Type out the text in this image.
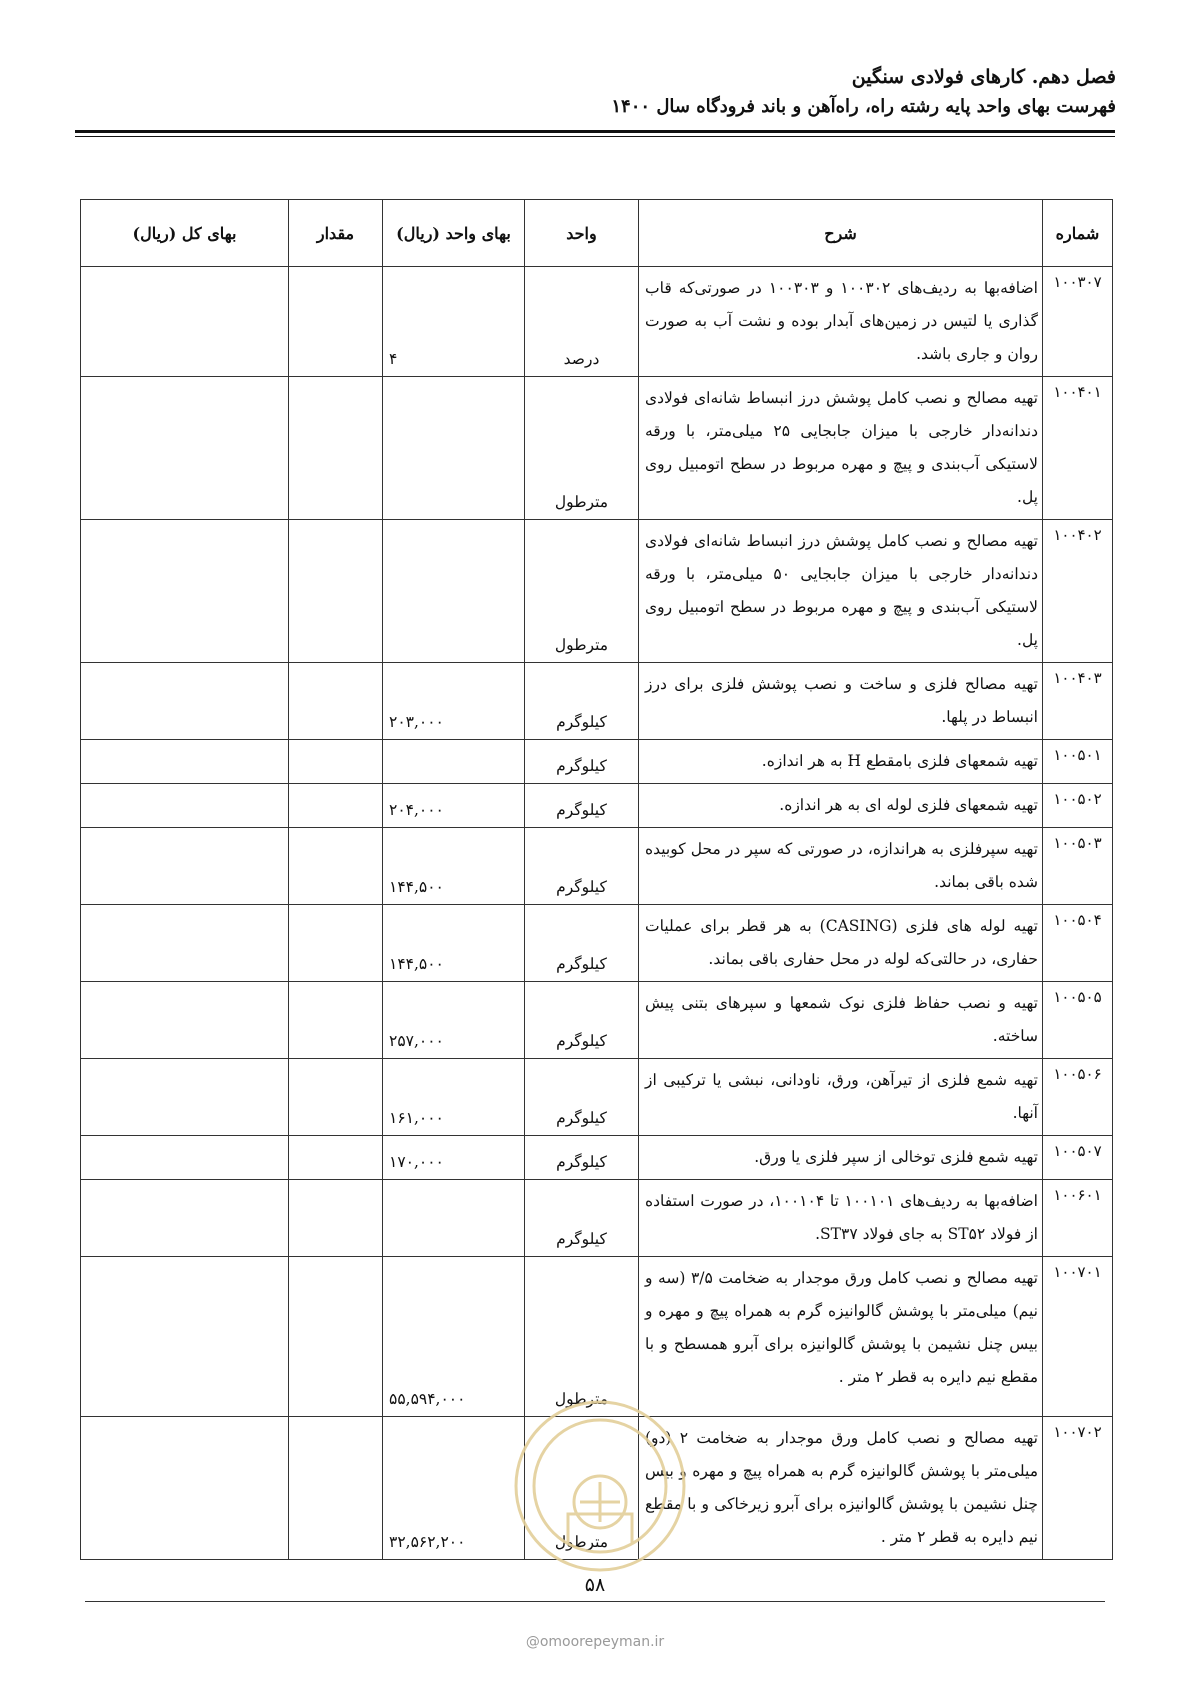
فصل دهم. کارهای فولادی سنگین
فهرست بهای واحد پایه رشته راه، راه‌آهن و باند فرودگاه سال ۱۴۰۰
شماره	شرح	واحد	بهای واحد (ریال)	مقدار	بهای کل (ریال)
۱۰۰۳۰۷	اضافه‌بها به ردیف‌های ۱۰۰۳۰۲ و ۱۰۰۳۰۳ در صورتی‌که قاب گذاری یا لتیس در زمین‌های آبدار بوده و نشت آب به صورت روان و جاری باشد.	درصد	۴		
۱۰۰۴۰۱	تهیه مصالح و نصب کامل پوشش درز انبساط شانه‌ای فولادی دندانه‌دار خارجی با میزان جابجایی ۲۵ میلی‌متر، با ورقه لاستیکی آب‌بندی و پیچ و مهره مربوط در سطح اتومبیل روی پل.	مترطول			
۱۰۰۴۰۲	تهیه مصالح و نصب کامل پوشش درز انبساط شانه‌ای فولادی دندانه‌دار خارجی با میزان جابجایی ۵۰ میلی‌متر، با ورقه لاستیکی آب‌بندی و پیچ و مهره مربوط در سطح اتومبیل روی پل.	مترطول			
۱۰۰۴۰۳	تهیه مصالح فلزی و ساخت و نصب پوشش فلزی برای درز انبساط در پلها.	کیلوگرم	۲۰۳,۰۰۰		
۱۰۰۵۰۱	تهیه شمعهای فلزی بامقطع H به هر اندازه.	کیلوگرم			
۱۰۰۵۰۲	تهیه شمعهای فلزی لوله ای به هر اندازه.	کیلوگرم	۲۰۴,۰۰۰		
۱۰۰۵۰۳	تهیه سپرفلزی به هراندازه، در صورتی که سپر در محل کوبیده شده باقی بماند.	کیلوگرم	۱۴۴,۵۰۰		
۱۰۰۵۰۴	تهیه لوله های فلزی (CASING) به هر قطر برای عملیات حفاری، در حالتی‌که لوله در محل حفاری باقی بماند.	کیلوگرم	۱۴۴,۵۰۰		
۱۰۰۵۰۵	تهیه و نصب حفاظ فلزی نوک شمعها و سپرهای بتنی پیش ساخته.	کیلوگرم	۲۵۷,۰۰۰		
۱۰۰۵۰۶	تهیه شمع فلزی از تیرآهن، ورق، ناودانی، نبشی یا ترکیبی از آنها.	کیلوگرم	۱۶۱,۰۰۰		
۱۰۰۵۰۷	تهیه شمع فلزی توخالی از سپر فلزی یا ورق.	کیلوگرم	۱۷۰,۰۰۰		
۱۰۰۶۰۱	اضافه‌بها به ردیف‌های ۱۰۰۱۰۱ تا ۱۰۰۱۰۴، در صورت استفاده از فولاد ST۵۲ به جای فولاد ST۳۷.	کیلوگرم			
۱۰۰۷۰۱	تهیه مصالح و نصب کامل ورق موجدار به ضخامت ۳/۵ (سه و نیم) میلی‌متر با پوشش گالوانیزه گرم به همراه پیچ و مهره و بیس چنل نشیمن با پوشش گالوانیزه برای آبرو همسطح و با مقطع نیم دایره به قطر ۲ متر .	مترطول	۵۵,۵۹۴,۰۰۰		
۱۰۰۷۰۲	تهیه مصالح و نصب کامل ورق موجدار به ضخامت ۲ (دو) میلی‌متر با پوشش گالوانیزه گرم به همراه پیچ و مهره و بیس چنل نشیمن با پوشش گالوانیزه برای آبرو زیرخاکی و با مقطع نیم دایره به قطر ۲ متر .	مترطول	۳۲,۵۶۲,۲۰۰		
۵۸
@omoorepeyman.ir
